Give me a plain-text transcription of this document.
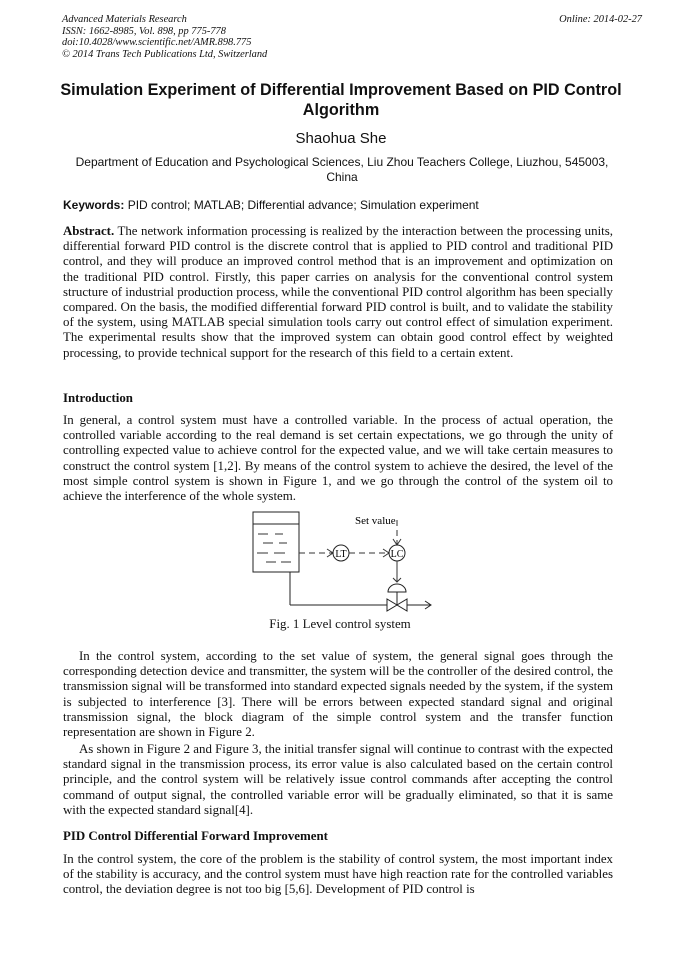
Advanced Materials Research
ISSN: 1662-8985, Vol. 898, pp 775-778
doi:10.4028/www.scientific.net/AMR.898.775
© 2014 Trans Tech Publications Ltd, Switzerland
Online: 2014-02-27
Simulation Experiment of Differential Improvement Based on PID Control Algorithm
Shaohua She
Department of Education and Psychological Sciences, Liu Zhou Teachers College, Liuzhou, 545003, China
Keywords: PID control; MATLAB; Differential advance; Simulation experiment
Abstract. The network information processing is realized by the interaction between the processing units, differential forward PID control is the discrete control that is applied to PID control and traditional PID control, and they will produce an improved control method that is an improvement and optimization on the traditional PID control. Firstly, this paper carries on analysis for the conventional control system structure of industrial production process, while the conventional PID control algorithm has been specially compared. On the basis, the modified differential forward PID control is built, and to validate the stability of the system, using MATLAB special simulation tools carry out control effect of simulation experiment. The experimental results show that the improved system can obtain good control effect by weighted processing, to provide technical support for the research of this field to a certain extent.
Introduction
In general, a control system must have a controlled variable. In the process of actual operation, the controlled variable according to the real demand is set certain expectations, we go through the unity of controlling expected value to achieve control for the expected value, and we will take certain measures to construct the control system [1,2]. By means of the control system to achieve the desired, the level of the most simple control system is shown in Figure 1, and we go through the control of the system oil to achieve the interference of the whole system.
LT	LC
Set value
Fig. 1 Level control system
In the control system, according to the set value of system, the general signal goes through the corresponding detection device and transmitter, the system will be the controller of the desired control, the transmission signal will be transformed into standard expected signals needed by the system, if the system is subjected to interference [3]. There will be errors between expected standard signal and original transmission signal, the block diagram of the simple control system and the transfer function representation are shown in Figure 2.
As shown in Figure 2 and Figure 3, the initial transfer signal will continue to contrast with the expected standard signal in the transmission process, its error value is also calculated based on the certain control principle, and the control system will be relatively issue control commands after accepting the control command of output signal, the controlled variable error will be gradually eliminated, so that it is same with the expected standard signal[4].
PID Control Differential Forward Improvement
In the control system, the core of the problem is the stability of control system, the most important index of the stability is accuracy, and the control system must have high reaction rate for the controlled variables control, the deviation degree is not too big [5,6]. Development of PID control is
